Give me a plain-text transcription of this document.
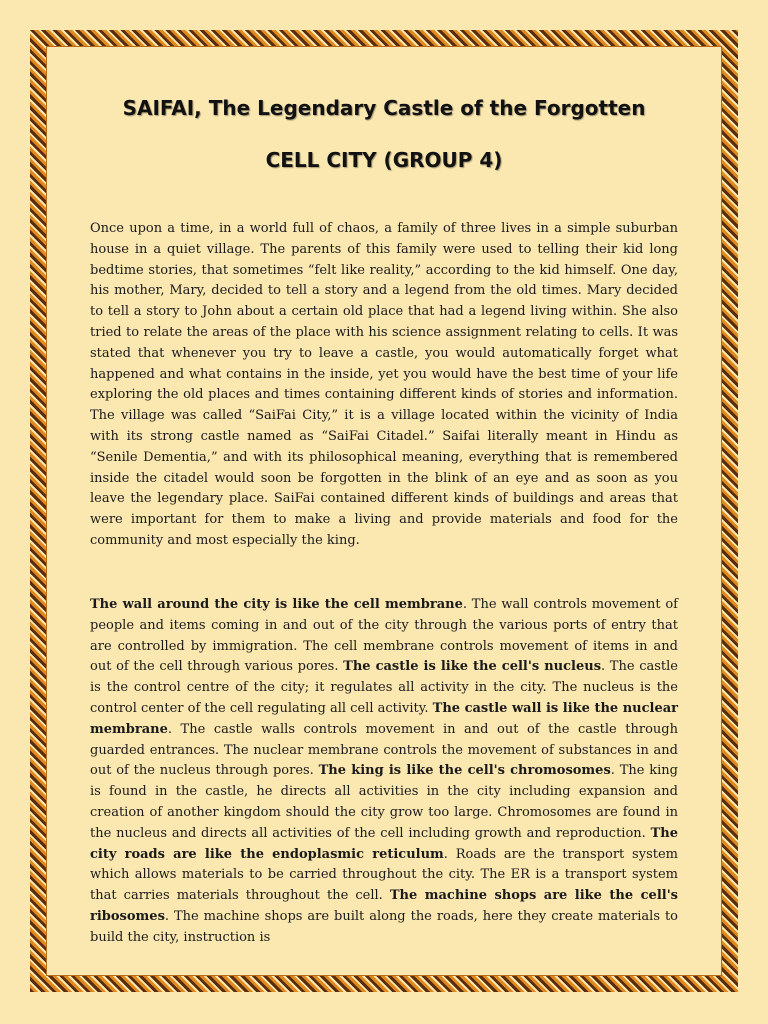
SAIFAI, The Legendary Castle of the Forgotten
CELL CITY (GROUP 4)

Once upon a time, in a world full of chaos, a family of three lives in a simple suburban house in a quiet village. The parents of this family were used to telling their kid long bedtime stories, that sometimes “felt like reality,” according to the kid himself. One day, his mother, Mary, decided to tell a story and a legend from the old times. Mary decided to tell a story to John about a certain old place that had a legend living within. She also tried to relate the areas of the place with his science assignment relating to cells. It was stated that whenever you try to leave a castle, you would automatically forget what happened and what contains in the inside, yet you would have the best time of your life exploring the old places and times containing different kinds of stories and information. The village was called “SaiFai City,” it is a village located within the vicinity of India with its strong castle named as “SaiFai Citadel.” Saifai literally meant in Hindu as “Senile Dementia,” and with its philosophical meaning, everything that is remembered inside the citadel would soon be forgotten in the blink of an eye and as soon as you leave the legendary place. SaiFai contained different kinds of buildings and areas that were important for them to make a living and provide materials and food for the community and most especially the king.

The wall around the city is like the cell membrane. The wall controls movement of people and items coming in and out of the city through the various ports of entry that are controlled by immigration. The cell membrane controls movement of items in and out of the cell through various pores. The castle is like the cell's nucleus. The castle is the control centre of the city; it regulates all activity in the city. The nucleus is the control center of the cell regulating all cell activity. The castle wall is like the nuclear membrane. The castle walls controls movement in and out of the castle through guarded entrances. The nuclear membrane controls the movement of substances in and out of the nucleus through pores. The king is like the cell's chromosomes. The king is found in the castle, he directs all activities in the city including expansion and creation of another kingdom should the city grow too large. Chromosomes are found in the nucleus and directs all activities of the cell including growth and reproduction. The city roads are like the endoplasmic reticulum. Roads are the transport system which allows materials to be carried throughout the city. The ER is a transport system that carries materials throughout the cell. The machine shops are like the cell's ribosomes. The machine shops are built along the roads, here they create materials to build the city, instruction is
